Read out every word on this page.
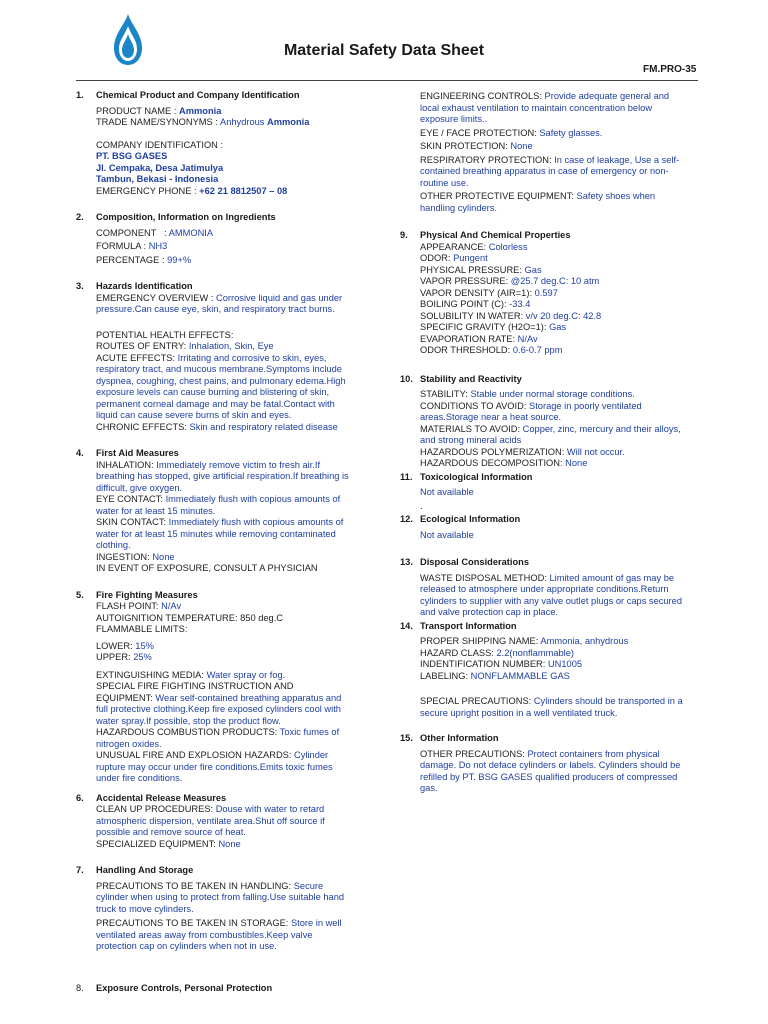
Material Safety Data Sheet
FM.PRO-35
1. Chemical Product and Company Identification
PRODUCT NAME : Ammonia
TRADE NAME/SYNONYMS : Anhydrous Ammonia
COMPANY IDENTIFICATION :
PT. BSG GASES
Jl. Cempaka, Desa Jatimulya
Tambun, Bekasi - Indonesia
EMERGENCY PHONE : +62 21 8812507 – 08
2. Composition, Information on Ingredients
COMPONENT   : AMMONIA
FORMULA : NH3
PERCENTAGE : 99+%
3. Hazards Identification
EMERGENCY OVERVIEW : Corrosive liquid and gas under
pressure.Can cause eye, skin, and respiratory tract burns.
POTENTIAL HEALTH EFFECTS:
ROUTES OF ENTRY: Inhalation, Skin, Eye
ACUTE EFFECTS: Irritating and corrosive to skin, eyes,
respiratory tract, and mucous membrane.Symptoms include
dyspnea, coughing, chest pains, and pulmonary edema.High
exposure levels can cause burning and blistering of skin,
permanent corneal damage and may be fatal.Contact with
liquid can cause severe burns of skin and eyes.
CHRONIC EFFECTS: Skin and respiratory related disease
4. First Aid Measures
INHALATION: Immediately remove victim to fresh air.If
breathing has stopped, give artificial respiration.If breathing is
difficult, give oxygen.
EYE CONTACT: Immediately flush with copious amounts of
water for at least 15 minutes.
SKIN CONTACT: Immediately flush with copious amounts of
water for at least 15 minutes while removing contaminated
clothing.
INGESTION: None
IN EVENT OF EXPOSURE, CONSULT A PHYSICIAN
5. Fire Fighting Measures
FLASH POINT: N/Av
AUTOIGNITION TEMPERATURE: 850 deg.C
FLAMMABLE LIMITS:
LOWER: 15%
UPPER: 25%
EXTINGUISHING MEDIA: Water spray or fog.
SPECIAL FIRE FIGHTING INSTRUCTION AND
EQUIPMENT: Wear self-contained breathing apparatus and
full protective clothing.Keep fire exposed cylinders cool with
water spray.If possible, stop the product flow.
HAZARDOUS COMBUSTION PRODUCTS: Toxic fumes of
nitrogen oxides.
UNUSUAL FIRE AND EXPLOSION HAZARDS: Cylinder
rupture may occur under fire conditions.Emits toxic fumes
under fire conditions.
6. Accidental Release Measures
CLEAN UP PROCEDURES: Douse with water to retard
atmospheric dispersion, ventilate area.Shut off source if
possible and remove source of heat.
SPECIALIZED EQUIPMENT: None
7. Handling And Storage
PRECAUTIONS TO BE TAKEN IN HANDLING: Secure
cylinder when using to protect from falling.Use suitable hand
truck to move cylinders.
PRECAUTIONS TO BE TAKEN IN STORAGE: Store in well
ventilated areas away from combustibles.Keep valve
protection cap on cylinders when not in use.
8.	Exposure Controls, Personal Protection
ENGINEERING CONTROLS: Provide adequate general and
local exhaust ventilation to maintain concentration below
exposure limits..
EYE / FACE PROTECTION: Safety glasses.
SKIN PROTECTION: None
RESPIRATORY PROTECTION: In case of leakage, Use a self-
contained breathing apparatus in case of emergency or non-
routine use.
OTHER PROTECTIVE EQUIPMENT: Safety shoes when
handling cylinders.
9. Physical And Chemical Properties
APPEARANCE: Colorless
ODOR: Pungent
PHYSICAL PRESSURE: Gas
VAPOR PRESSURE: @25.7 deg.C: 10 atm
VAPOR DENSITY (AIR=1): 0.597
BOILING POINT (C): -33.4
SOLUBILITY IN WATER: v/v 20 deg.C: 42.8
SPECIFIC GRAVITY (H2O=1): Gas
EVAPORATION RATE: N/Av
ODOR THRESHOLD: 0.6-0.7 ppm
10. Stability and Reactivity
STABILITY: Stable under normal storage conditions.
CONDITIONS TO AVOID: Storage in poorly ventilated
areas.Storage near a heat source.
MATERIALS TO AVOID: Copper, zinc, mercury and their alloys,
and strong mineral acids
HAZARDOUS POLYMERIZATION: Will not occur.
HAZARDOUS DECOMPOSITION: None
11. Toxicological Information
Not available
.
12. Ecological Information
Not available
13. Disposal Considerations
WASTE DISPOSAL METHOD: Limited amount of gas may be
released to atmosphere under appropriate conditions.Return
cylinders to supplier with any valve outlet plugs or caps secured
and valve protection cap in place.
14. Transport Information
PROPER SHIPPING NAME: Ammonia, anhydrous
HAZARD CLASS: 2.2(nonflammable)
INDENTIFICATION NUMBER: UN1005
LABELING: NONFLAMMABLE GAS
SPECIAL PRECAUTIONS: Cylinders should be transported in a
secure upright position in a well ventilated truck.
15. Other Information
OTHER PRECAUTIONS: Protect containers from physical
damage. Do not deface cylinders or labels. Cylinders should be
refilled by PT. BSG GASES qualified producers of compressed
gas.
